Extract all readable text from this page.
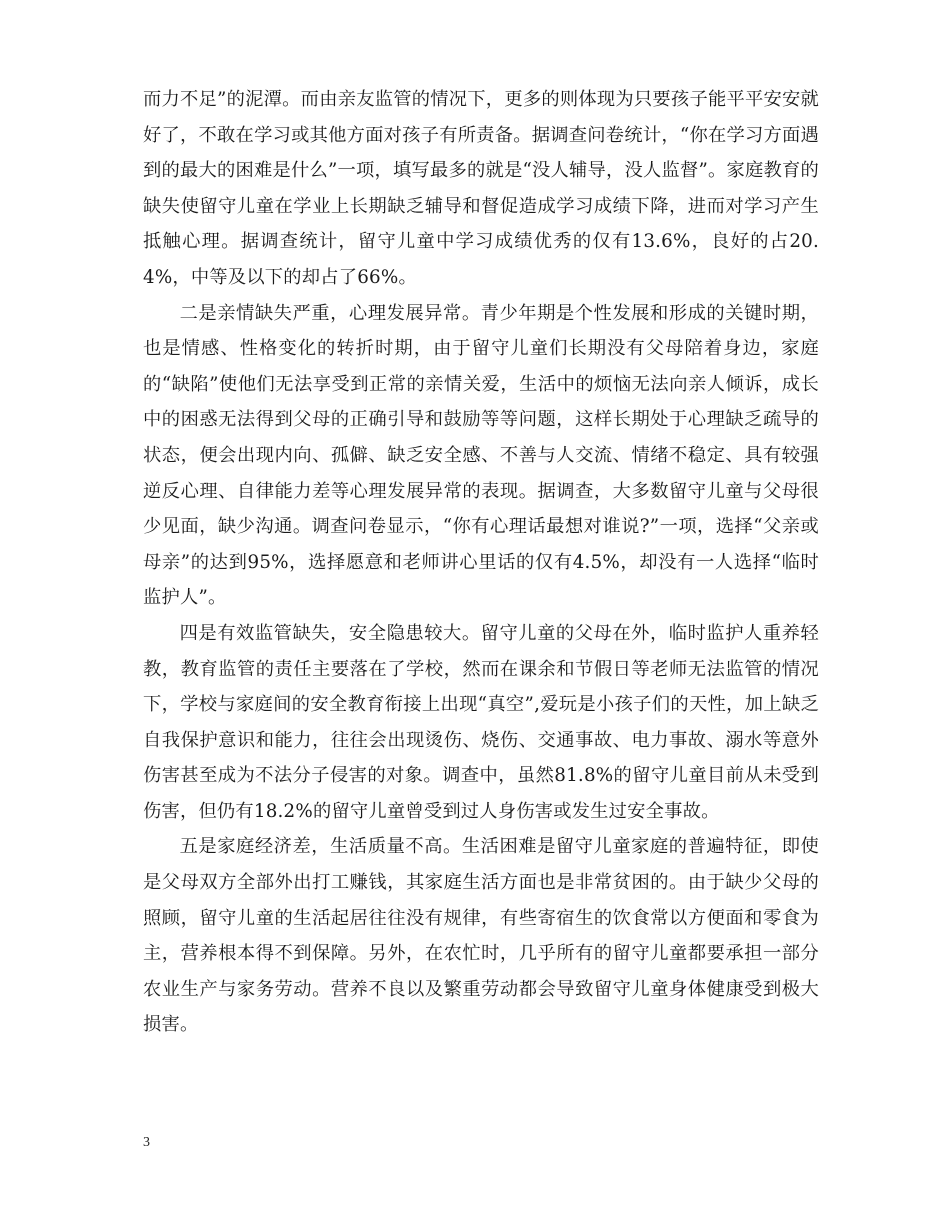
而力不足”的泥潭。而由亲友监管的情况下，更多的则体现为只要孩子能平平安安就好了，不敢在学习或其他方面对孩子有所责备。据调查问卷统计，“你在学习方面遇到的最大的困难是什么”一项，填写最多的就是“没人辅导，没人监督”。家庭教育的缺失使留守儿童在学业上长期缺乏辅导和督促造成学习成绩下降，进而对学习产生抵触心理。据调查统计，留守儿童中学习成绩优秀的仅有13.6%，良好的占20.4%，中等及以下的却占了66%。

二是亲情缺失严重，心理发展异常。青少年期是个性发展和形成的关键时期，也是情感、性格变化的转折时期，由于留守儿童们长期没有父母陪着身边，家庭的“缺陷”使他们无法享受到正常的亲情关爱，生活中的烦恼无法向亲人倾诉，成长中的困惑无法得到父母的正确引导和鼓励等等问题，这样长期处于心理缺乏疏导的状态，便会出现内向、孤僻、缺乏安全感、不善与人交流、情绪不稳定、具有较强逆反心理、自律能力差等心理发展异常的表现。据调查，大多数留守儿童与父母很少见面，缺少沟通。调查问卷显示，“你有心理话最想对谁说?”一项，选择“父亲或母亲”的达到95%，选择愿意和老师讲心里话的仅有4.5%，却没有一人选择“临时监护人”。

四是有效监管缺失，安全隐患较大。留守儿童的父母在外，临时监护人重养轻教，教育监管的责任主要落在了学校，然而在课余和节假日等老师无法监管的情况下，学校与家庭间的安全教育衔接上出现“真空”,爱玩是小孩子们的天性，加上缺乏自我保护意识和能力，往往会出现烫伤、烧伤、交通事故、电力事故、溺水等意外伤害甚至成为不法分子侵害的对象。调查中，虽然81.8%的留守儿童目前从未受到伤害，但仍有18.2%的留守儿童曾受到过人身伤害或发生过安全事故。

五是家庭经济差，生活质量不高。生活困难是留守儿童家庭的普遍特征，即使是父母双方全部外出打工赚钱，其家庭生活方面也是非常贫困的。由于缺少父母的照顾，留守儿童的生活起居往往没有规律，有些寄宿生的饮食常以方便面和零食为主，营养根本得不到保障。另外，在农忙时，几乎所有的留守儿童都要承担一部分农业生产与家务劳动。营养不良以及繁重劳动都会导致留守儿童身体健康受到极大损害。

3
